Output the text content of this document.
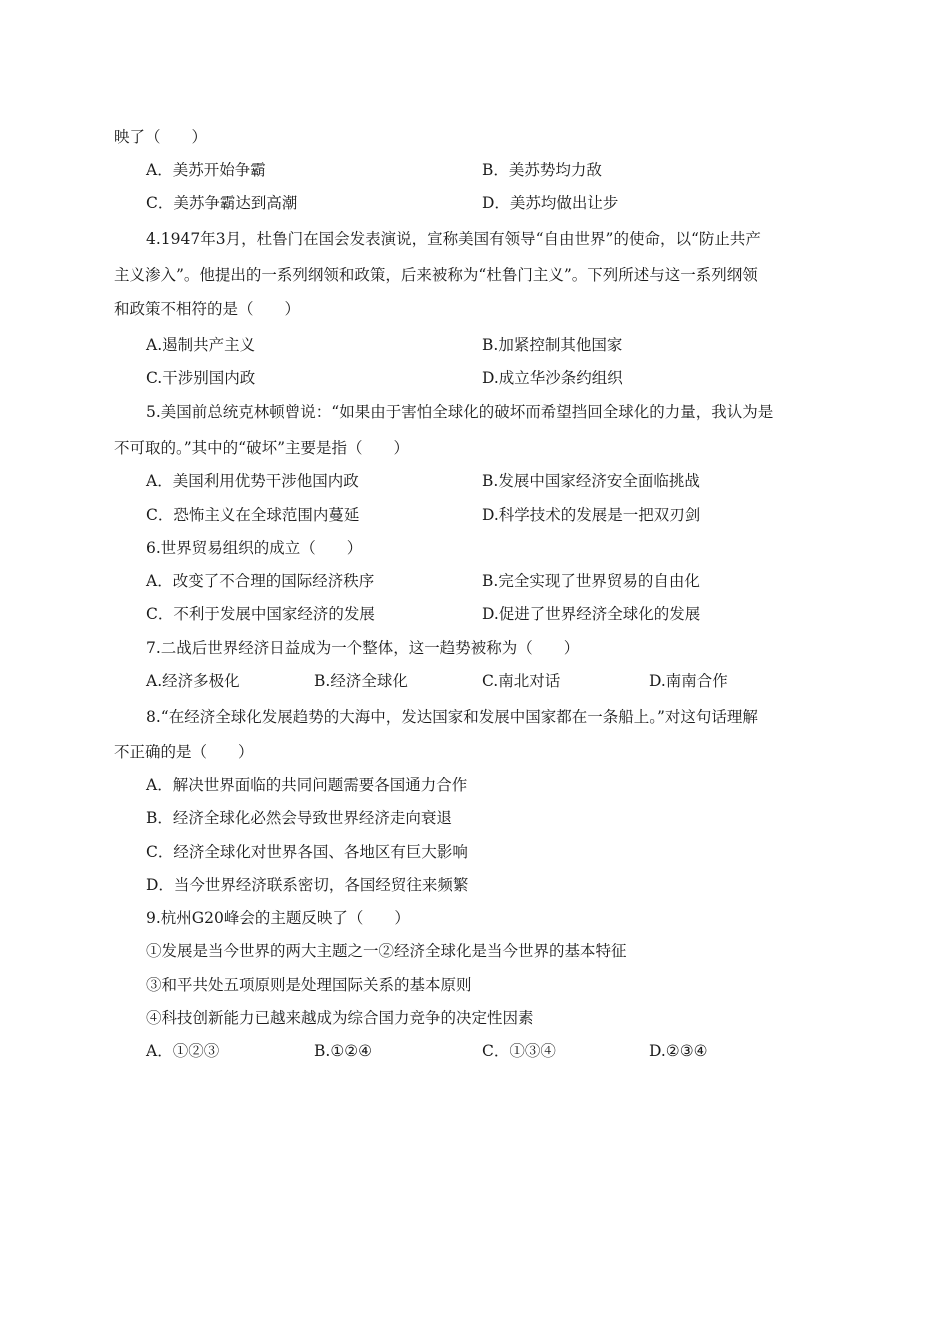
映了（　　）
A．美苏开始争霸	B．美苏势均力敌
C．美苏争霸达到高潮	D．美苏均做出让步
4.1947年3月，杜鲁门在国会发表演说，宣称美国有领导“自由世界”的使命，以“防止共产
主义渗入”。他提出的一系列纲领和政策，后来被称为“杜鲁门主义”。下列所述与这一系列纲领
和政策不相符的是（　　）
A.遏制共产主义	B.加紧控制其他国家
C.干涉别国内政	D.成立华沙条约组织
5.美国前总统克林顿曾说：“如果由于害怕全球化的破坏而希望挡回全球化的力量，我认为是
不可取的。”其中的“破坏”主要是指（　　）
A．美国利用优势干涉他国内政	B.发展中国家经济安全面临挑战
C．恐怖主义在全球范围内蔓延	D.科学技术的发展是一把双刃剑
6.世界贸易组织的成立（　　）
A．改变了不合理的国际经济秩序	B.完全实现了世界贸易的自由化
C．不利于发展中国家经济的发展	D.促进了世界经济全球化的发展
7.二战后世界经济日益成为一个整体，这一趋势被称为（　　）
A.经济多极化	B.经济全球化	C.南北对话	D.南南合作
8.“在经济全球化发展趋势的大海中，发达国家和发展中国家都在一条船上。”对这句话理解
不正确的是（　　）
A．解决世界面临的共同问题需要各国通力合作
B．经济全球化必然会导致世界经济走向衰退
C．经济全球化对世界各国、各地区有巨大影响
D．当今世界经济联系密切，各国经贸往来频繁
9.杭州G20峰会的主题反映了（　　）
①发展是当今世界的两大主题之一②经济全球化是当今世界的基本特征
③和平共处五项原则是处理国际关系的基本原则
④科技创新能力已越来越成为综合国力竞争的决定性因素
A．①②③	B.①②④	C．①③④	D.②③④
